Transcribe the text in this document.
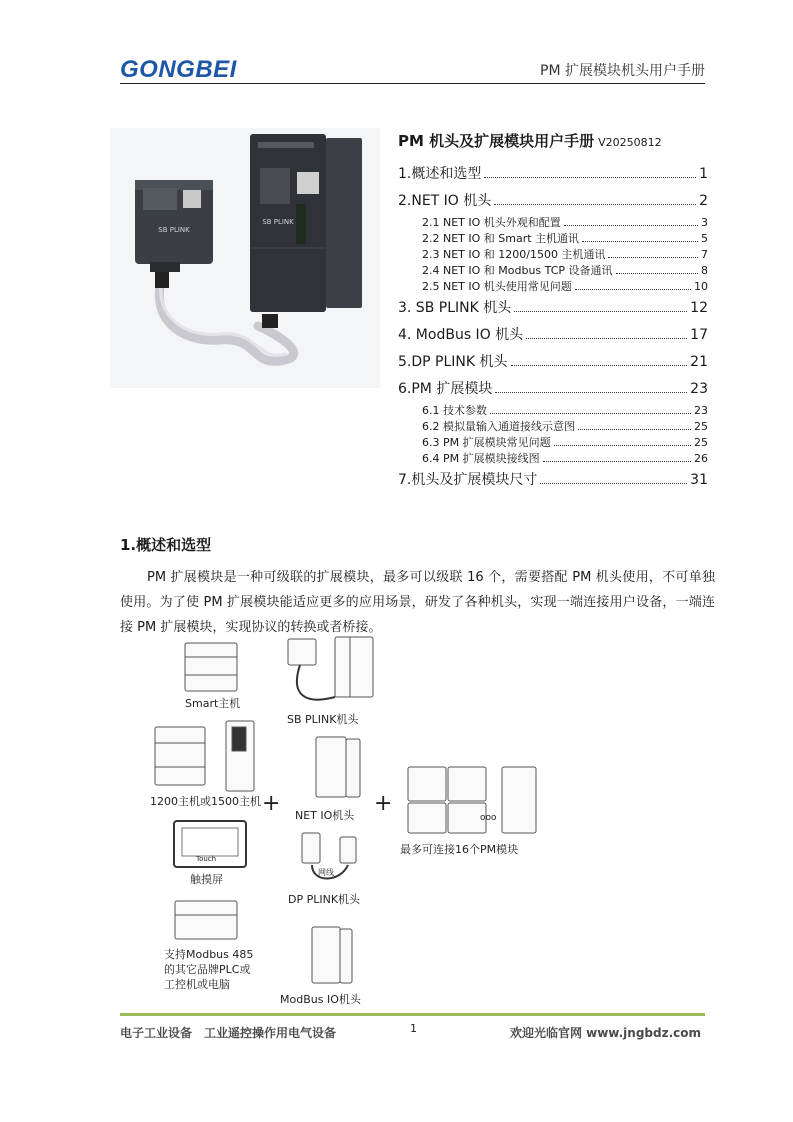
GONGBEI	PM 扩展模块机头用户手册
SB PLINK
SB PLINK
PM 机头及扩展模块用户手册 V20250812
1.概述和选型	1
2.NET IO 机头	2
2.1 NET IO 机头外观和配置	3
2.2 NET IO 和 Smart 主机通讯	5
2.3 NET IO 和 1200/1500 主机通讯	7
2.4 NET IO 和 Modbus TCP 设备通讯	8
2.5 NET IO 机头使用常见问题	10
3. SB PLINK 机头	12
4. ModBus IO 机头	17
5.DP PLINK 机头	21
6.PM 扩展模块	23
6.1 技术参数	23
6.2 模拟量输入通道接线示意图	25
6.3 PM 扩展模块常见问题	25
6.4 PM 扩展模块接线图	26
7.机头及扩展模块尺寸	31
1.概述和选型
PM 扩展模块是一种可级联的扩展模块，最多可以级联 16 个，需要搭配 PM 机头使用，不可单独使用。为了使 PM 扩展模块能适应更多的应用场景，研发了各种机头，实现一端连接用户设备，一端连接 PM 扩展模块，实现协议的转换或者桥接。
Smart主机
SB PLINK机头
1200主机或1500主机 + NET IO机头 +
ooo
最多可连接16个PM模块
Touch
触摸屏
网线
DP PLINK机头
支持Modbus 485
的其它品牌PLC或
工控机或电脑
ModBus IO机头
电子工业设备 工业遥控操作用电气设备	1	欢迎光临官网 www.jngbdz.com
